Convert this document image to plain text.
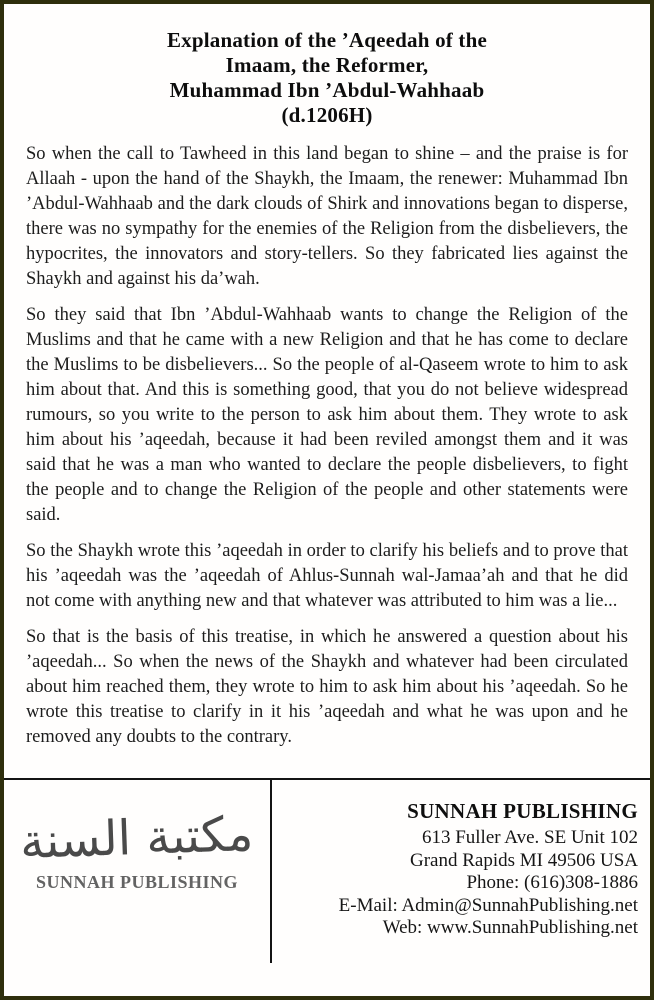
Explanation of the ’Aqeedah of the
Imaam, the Reformer,
Muhammad Ibn ’Abdul-Wahhaab
(d.1206H)

So when the call to Tawheed in this land began to shine – and the praise is for Allaah - upon the hand of the Shaykh, the Imaam, the renewer: Muhammad Ibn ’Abdul-Wahhaab and the dark clouds of Shirk and innovations began to disperse, there was no sympathy for the enemies of the Religion from the disbelievers, the hypocrites, the innovators and story-tellers. So they fabricated lies against the Shaykh and against his da’wah.

So they said that Ibn ’Abdul-Wahhaab wants to change the Religion of the Muslims and that he came with a new Religion and that he has come to declare the Muslims to be disbelievers... So the people of al-Qaseem wrote to him to ask him about that. And this is something good, that you do not believe widespread rumours, so you write to the person to ask him about them. They wrote to ask him about his ’aqeedah, because it had been reviled amongst them and it was said that he was a man who wanted to declare the people disbelievers, to fight the people and to change the Religion of the people and other statements were said.

So the Shaykh wrote this ’aqeedah in order to clarify his beliefs and to prove that his ’aqeedah was the ’aqeedah of Ahlus-Sunnah wal-Jamaa’ah and that he did not come with anything new and that whatever was attributed to him was a lie...

So that is the basis of this treatise, in which he answered a question about his ’aqeedah... So when the news of the Shaykh and whatever had been circulated about him reached them, they wrote to him to ask him about his ’aqeedah. So he wrote this treatise to clarify in it his ’aqeedah and what he was upon and he removed any doubts to the contrary.

مكتبة السنة
SUNNAH PUBLISHING
SUNNAH PUBLISHING
613 Fuller Ave. SE Unit 102
Grand Rapids MI 49506 USA
Phone: (616)308-1886
E-Mail: Admin@SunnahPublishing.net
Web: www.SunnahPublishing.net
